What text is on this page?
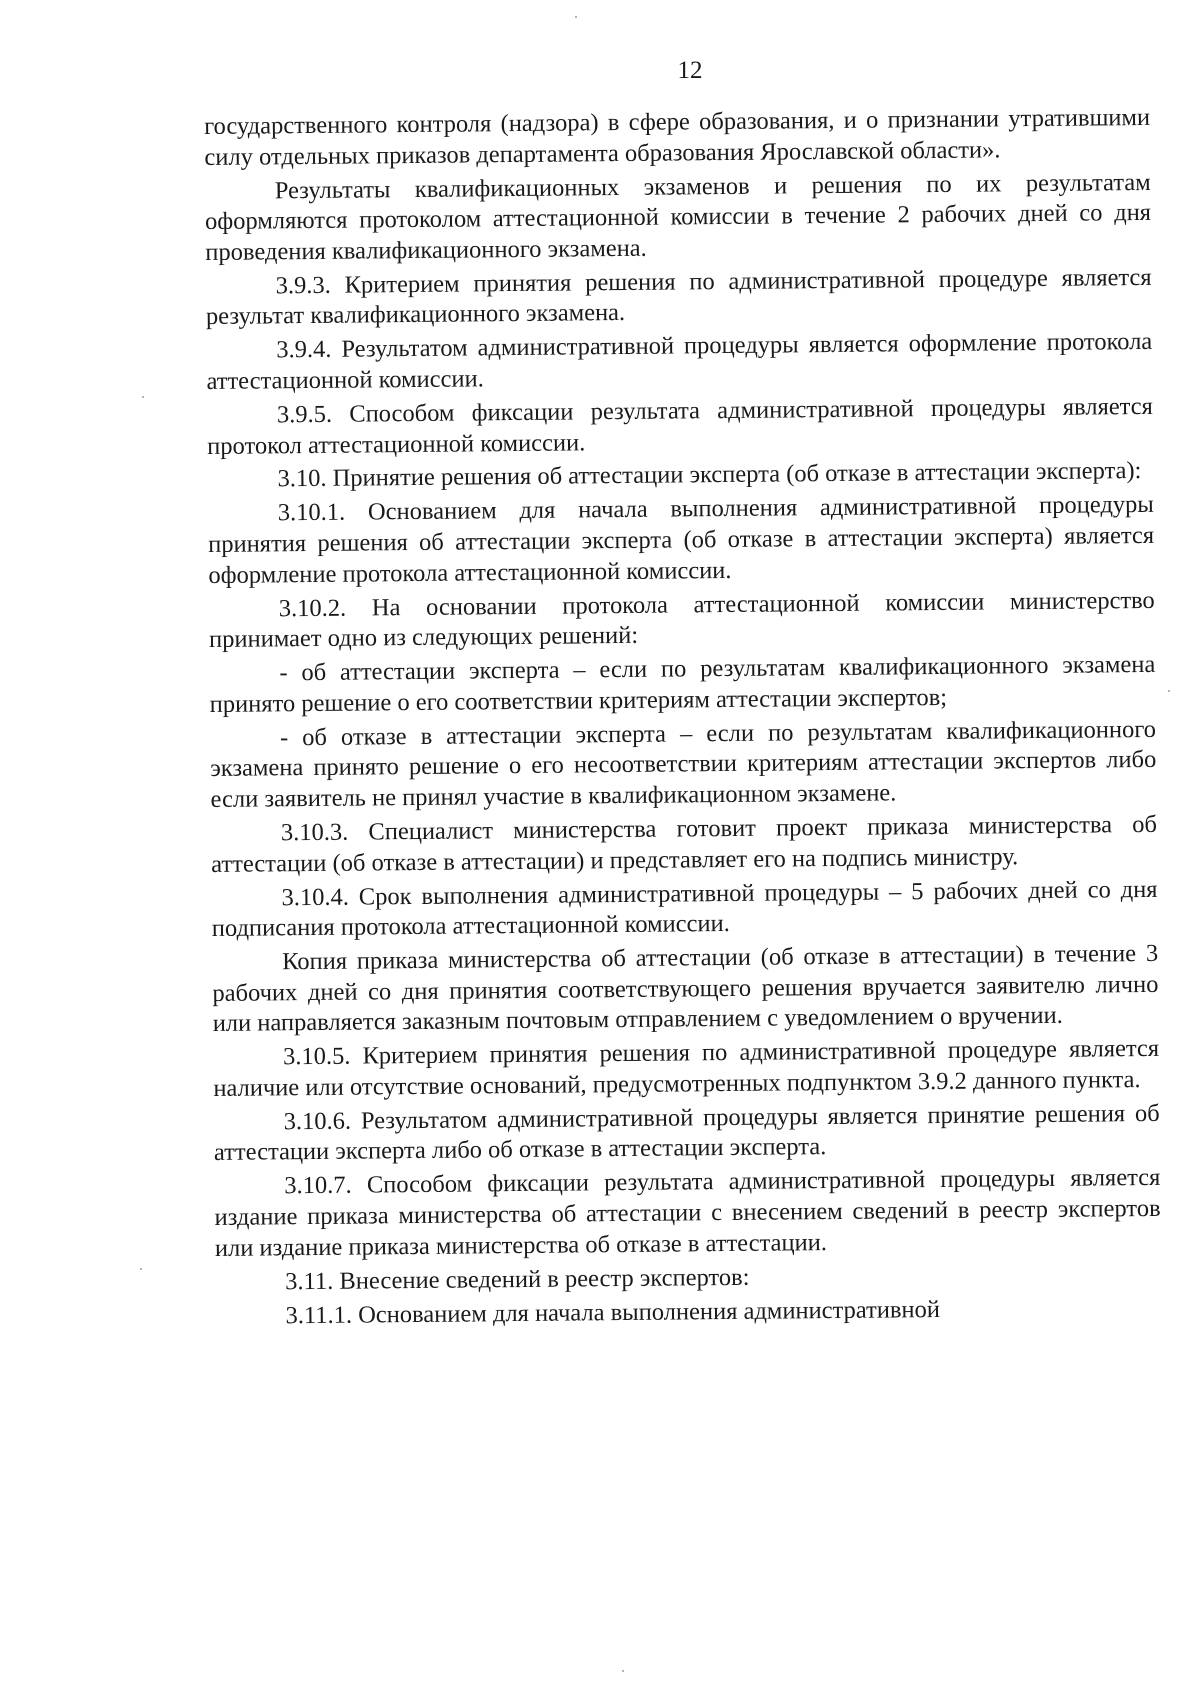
12

государственного контроля (надзора) в сфере образования, и о признании утратившими силу отдельных приказов департамента образования Ярославской области».

Результаты квалификационных экзаменов и решения по их результатам оформляются протоколом аттестационной комиссии в течение 2 рабочих дней со дня проведения квалификационного экзамена.

3.9.3. Критерием принятия решения по административной процедуре является результат квалификационного экзамена.

3.9.4. Результатом административной процедуры является оформление протокола аттестационной комиссии.

3.9.5. Способом фиксации результата административной процедуры является протокол аттестационной комиссии.

3.10. Принятие решения об аттестации эксперта (об отказе в аттестации эксперта):

3.10.1. Основанием для начала выполнения административной процедуры принятия решения об аттестации эксперта (об отказе в аттестации эксперта) является оформление протокола аттестационной комиссии.

3.10.2. На основании протокола аттестационной комиссии министерство принимает одно из следующих решений:

- об аттестации эксперта – если по результатам квалификационного экзамена принято решение о его соответствии критериям аттестации экспертов;

- об отказе в аттестации эксперта – если по результатам квалификационного экзамена принято решение о его несоответствии критериям аттестации экспертов либо если заявитель не принял участие в квалификационном экзамене.

3.10.3. Специалист министерства готовит проект приказа министерства об аттестации (об отказе в аттестации) и представляет его на подпись министру.

3.10.4. Срок выполнения административной процедуры – 5 рабочих дней со дня подписания протокола аттестационной комиссии.

Копия приказа министерства об аттестации (об отказе в аттестации) в течение 3 рабочих дней со дня принятия соответствующего решения вручается заявителю лично или направляется заказным почтовым отправлением с уведомлением о вручении.

3.10.5. Критерием принятия решения по административной процедуре является наличие или отсутствие оснований, предусмотренных подпунктом 3.9.2 данного пункта.

3.10.6. Результатом административной процедуры является принятие решения об аттестации эксперта либо об отказе в аттестации эксперта.

3.10.7. Способом фиксации результата административной процедуры является издание приказа министерства об аттестации с внесением сведений в реестр экспертов или издание приказа министерства об отказе в аттестации.

3.11. Внесение сведений в реестр экспертов:

3.11.1. Основанием для начала выполнения административной
